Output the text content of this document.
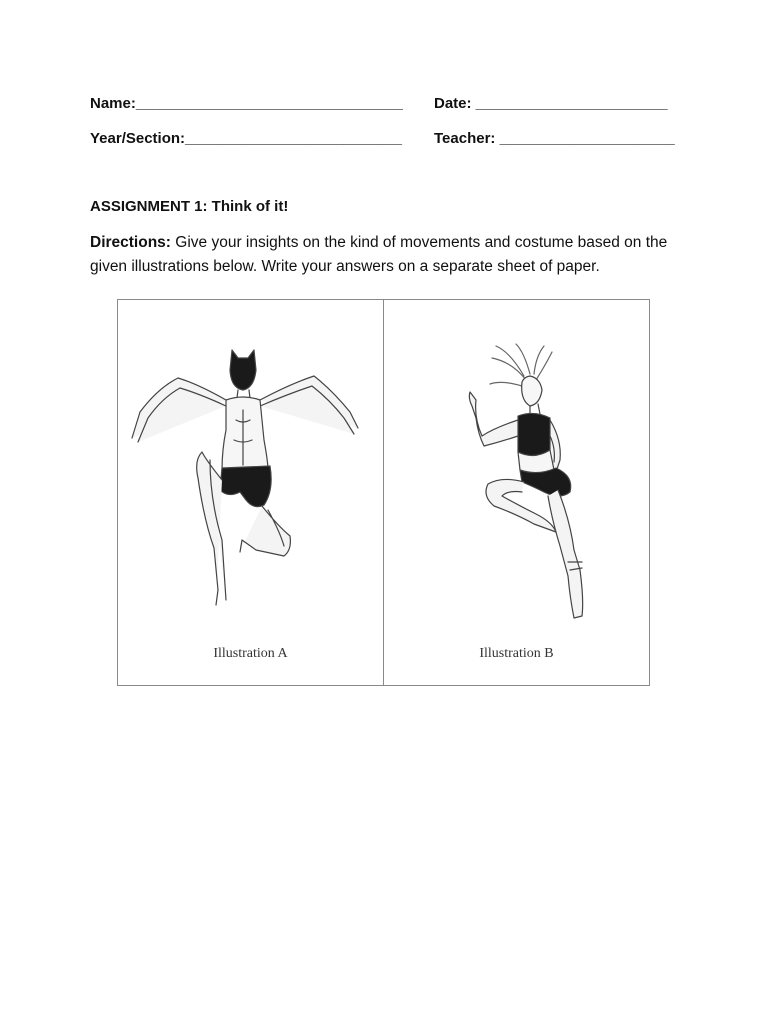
Name:________________________________ Date: _______________________
Year/Section:__________________________ Teacher: _____________________
ASSIGNMENT 1: Think of it!
Directions: Give your insights on the kind of movements and costume based on the given illustrations below. Write your answers on a separate sheet of paper.
Illustration A	Illustration B
